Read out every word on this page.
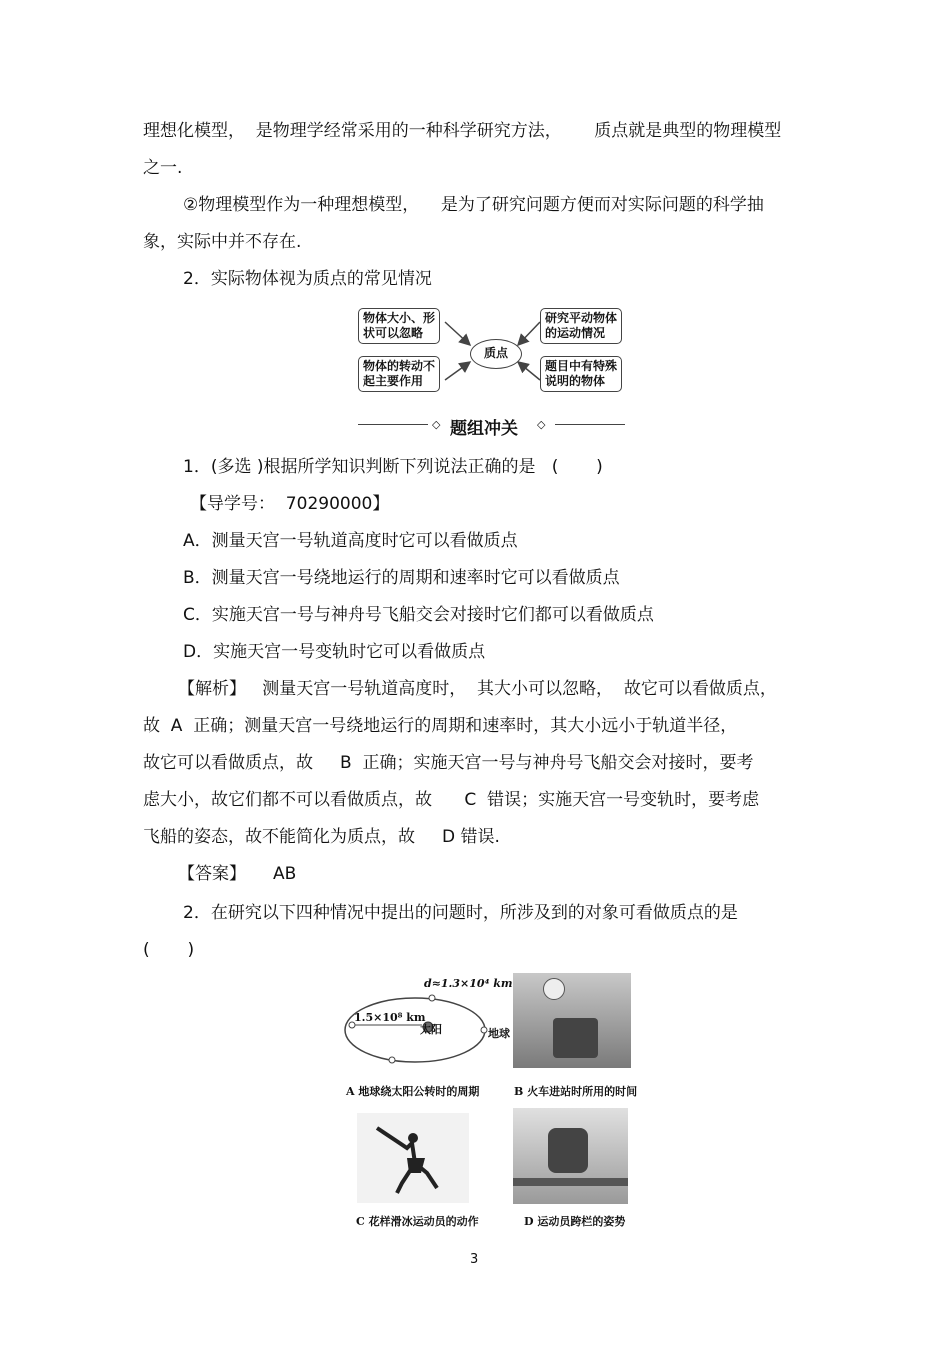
理想化模型，  是物理学经常采用的一种科学研究方法，      质点就是典型的物理模型
之一.
②物理模型作为一种理想模型，    是为了研究问题方便而对实际问题的科学抽
象，实际中并不存在.
2．实际物体视为质点的常见情况
物体大小、形
状可以忽略
物体的转动不
起主要作用
研究平动物体
的运动情况
题目中有特殊
说明的物体
质点
◇ 题组冲关 ◇
1．(多选 )根据所学知识判断下列说法正确的是   (       )
【导学号：  70290000】
A．测量天宫一号轨道高度时它可以看做质点
B．测量天宫一号绕地运行的周期和速率时它可以看做质点
C．实施天宫一号与神舟号飞船交会对接时它们都可以看做质点
D．实施天宫一号变轨时它可以看做质点
【解析】   测量天宫一号轨道高度时，  其大小可以忽略，  故它可以看做质点，
故  A  正确；测量天宫一号绕地运行的周期和速率时，其大小远小于轨道半径，
故它可以看做质点，故     B  正确；实施天宫一号与神舟号飞船交会对接时，要考
虑大小，故它们都不可以看做质点，故      C  错误；实施天宫一号变轨时，要考虑
飞船的姿态，故不能简化为质点，故     D 错误.
【答案】     AB
2．在研究以下四种情况中提出的问题时，所涉及到的对象可看做质点的是
(       )
d≈1.3×10⁴ km
1.5×10⁸ km
太阳	地球
A 地球绕太阳公转时的周期	B 火车进站时所用的时间
C 花样滑冰运动员的动作	D 运动员跨栏的姿势
3
